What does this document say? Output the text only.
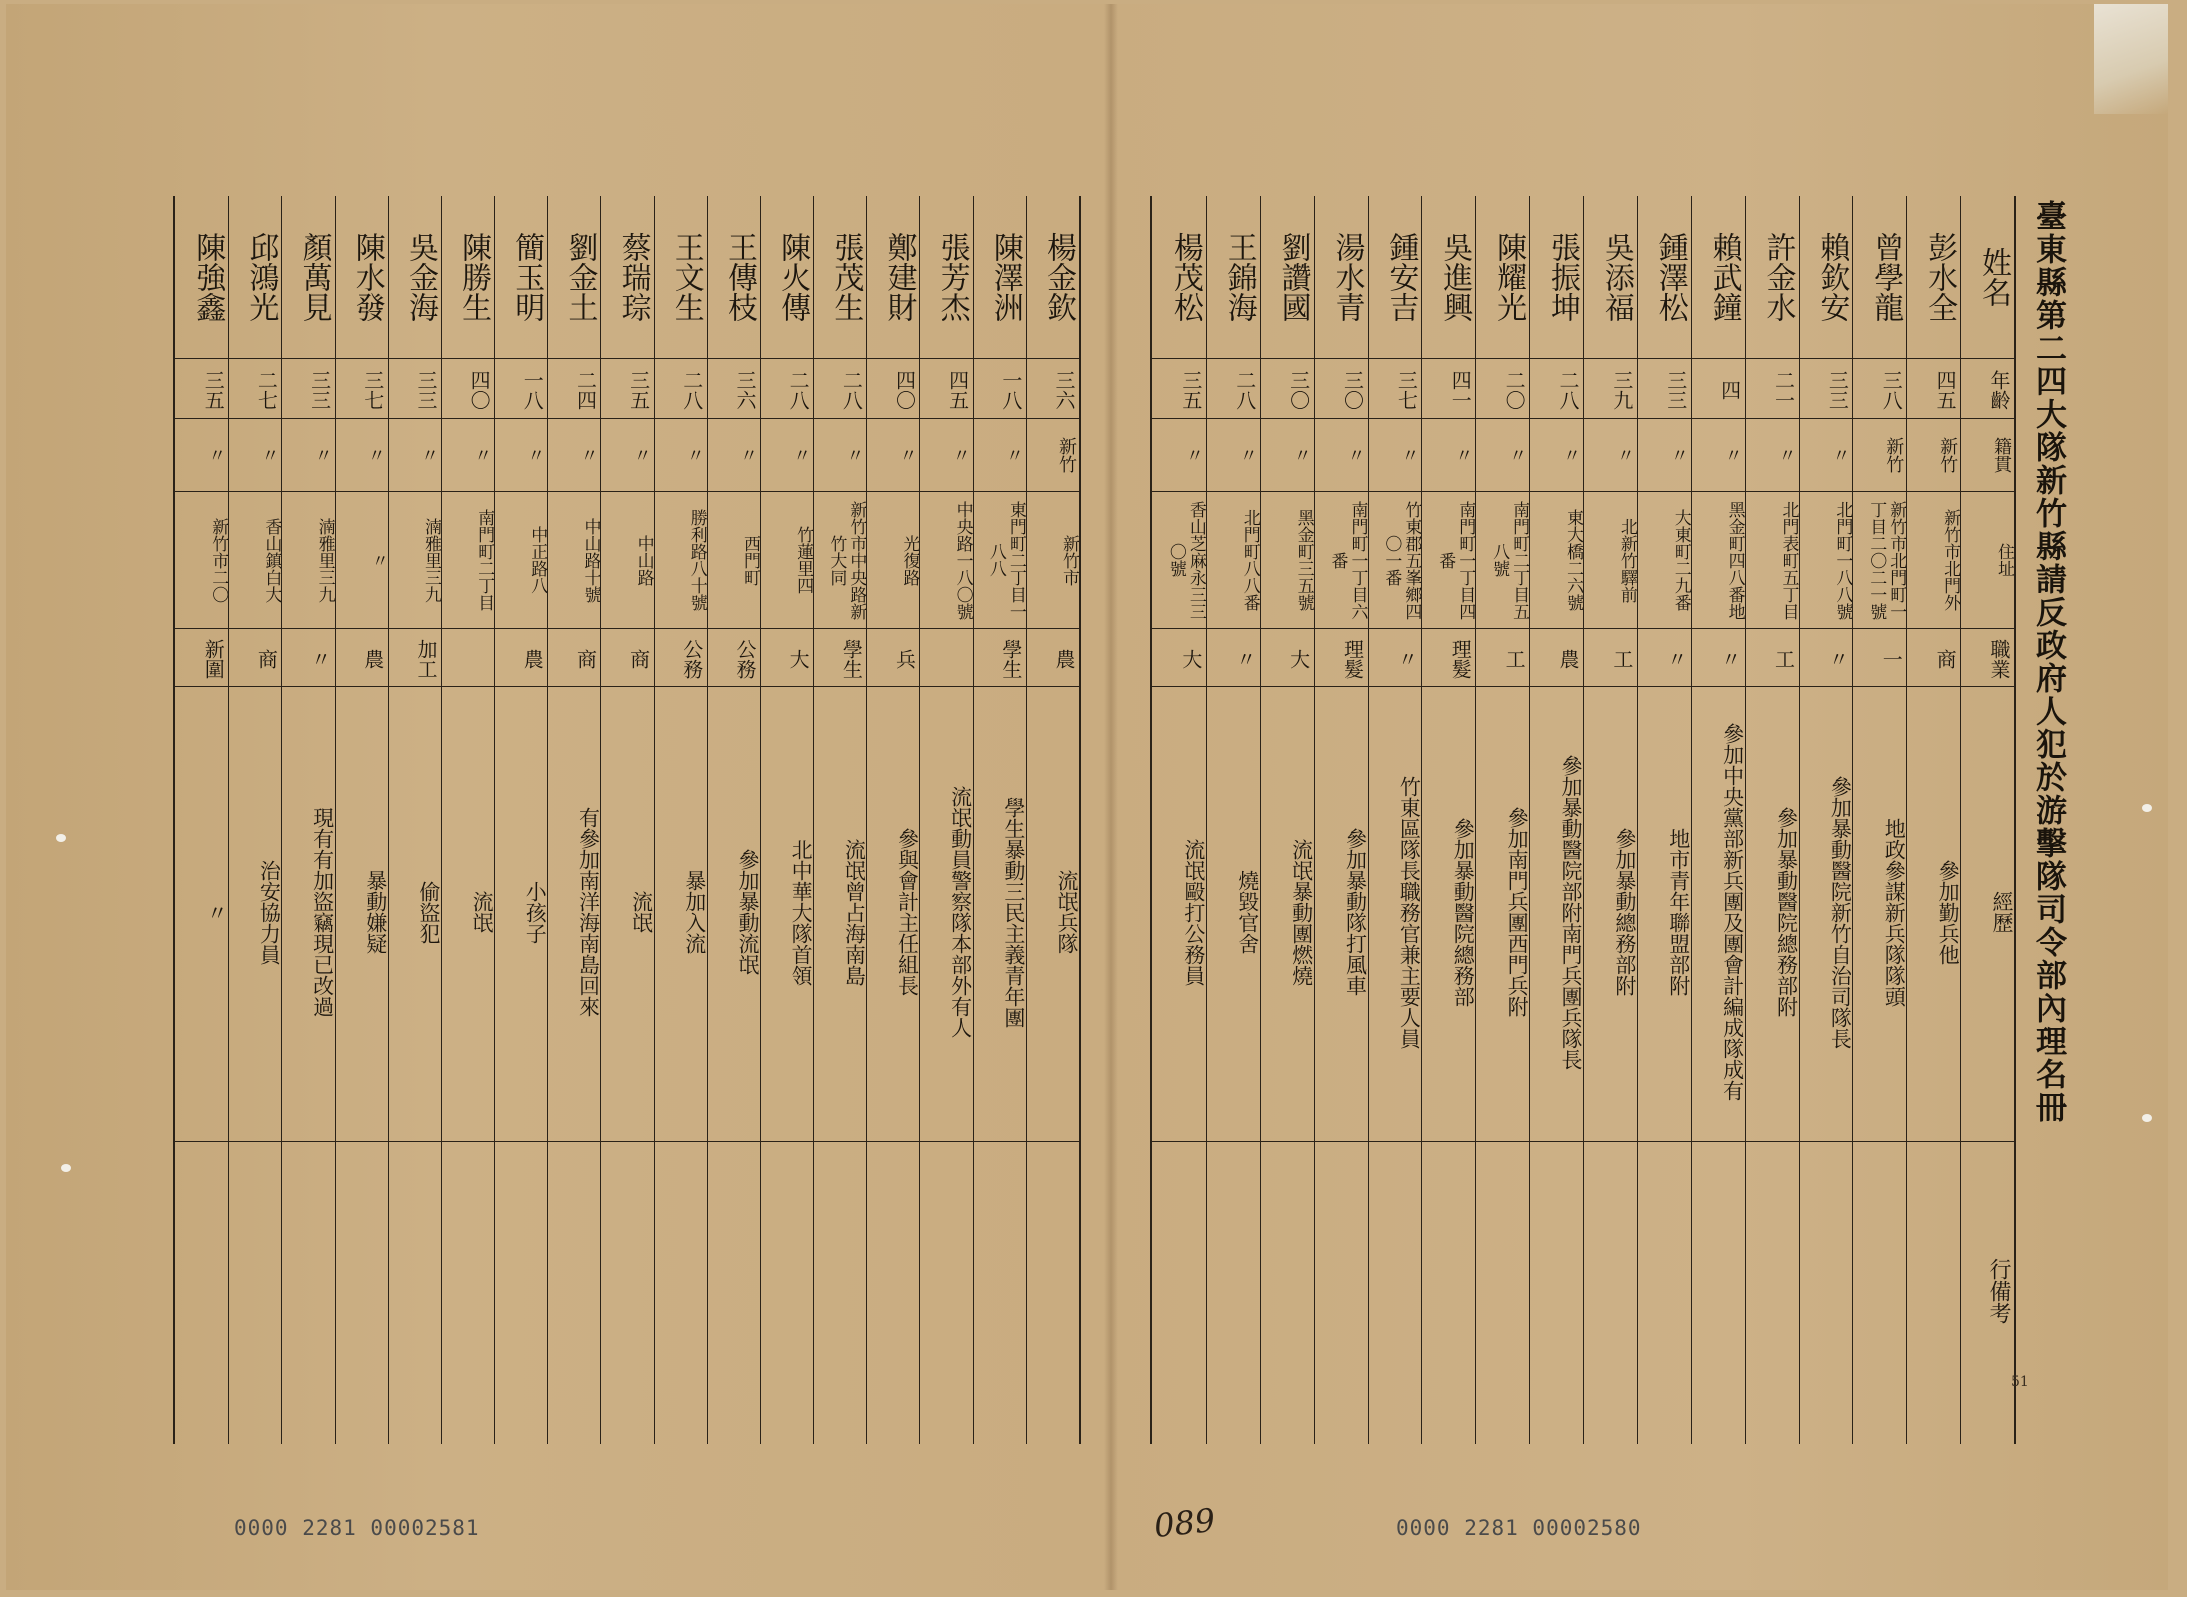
姓名
年齡
籍貫
住址
職業
經歷
行備考
彭水全
四五
新竹
新竹市北門外
商
參加勤兵他
曾學龍
三八
新竹
新竹市北門町一丁目二〇二一號
一
地政參謀新兵隊隊頭
賴欽安
三三
〃
北門町一八八號
〃
參加暴動醫院新竹自治司隊長
許金水
二一
〃
北門表町五丁目
工
參加暴動醫院總務部附
賴武鐘
四
〃
黑金町四八番地
〃
參加中央黨部新兵團及團會計編成隊成有
鍾澤松
三三
〃
大東町二九番
〃
地市青年聯盟部附
吳添福
三九
〃
北新竹驛前
工
參加暴動總務部附
張振坤
二八
〃
東大橋二六號
農
參加暴動醫院部附南門兵團兵隊長
陳耀光
二〇
〃
南門町二丁目五八號
工
參加南門兵團西門兵附
吳進興
四一
〃
南門町一丁目四番
理髮
參加暴動醫院總務部
鍾安吉
三七
〃
竹東郡五峯鄉四〇一番
〃
竹東區隊長職務官兼主要人員
湯水青
三〇
〃
南門町一丁目六番
理髮
參加暴動隊打風車
劉讚國
三〇
〃
黑金町三五號
大
流氓暴動團燃燒
王錦海
二八
〃
北門町八八番
〃
燒毀官舍
楊茂松
三五
〃
香山芝麻永三三〇號
大
流氓毆打公務員	臺東縣第二四大隊新竹縣請反政府人犯於游擊隊司令部內理名冊
51
0000 2281 00002580
楊金欽
三六
新竹
新竹市
農
流氓兵隊
陳澤洲
一八
〃
東門町二丁目一八八
學生
學生暴動三民主義青年團
張芳杰
四五
〃
中央路一八〇號
流氓動員警察隊本部外有人
鄭建財
四〇
〃
光復路
兵
參與會計主任組長
張茂生
二八
〃
新竹市中央路新竹大同
學生
流氓曾占海南島
陳火傳
二八
〃
竹蓮里四
大
北中華大隊首領
王傳枝
三六
〃
西門町
公務
參加暴動流氓
王文生
二八
〃
勝利路八十號
公務
暴加入流
蔡瑞琮
三五
〃
中山路
商
流氓
劉金土
二四
〃
中山路十號
商
有參加南洋海南島回來
簡玉明
一八
〃
中正路八
農
小孩子
陳勝生
四〇
〃
南門町二丁目
流氓
吳金海
三三
〃
湳雅里三九
加工
偷盜犯
陳水發
三七
〃
〃
農
暴動嫌疑
顏萬見
三三
〃
湳雅里三九
〃
現有有加盜竊現已改過
邱鴻光
二七
〃
香山鎮白大
商
治安協力員
陳強鑫
三五
〃
新竹市二〇
新圍
〃
0000 2281 00002581	089
